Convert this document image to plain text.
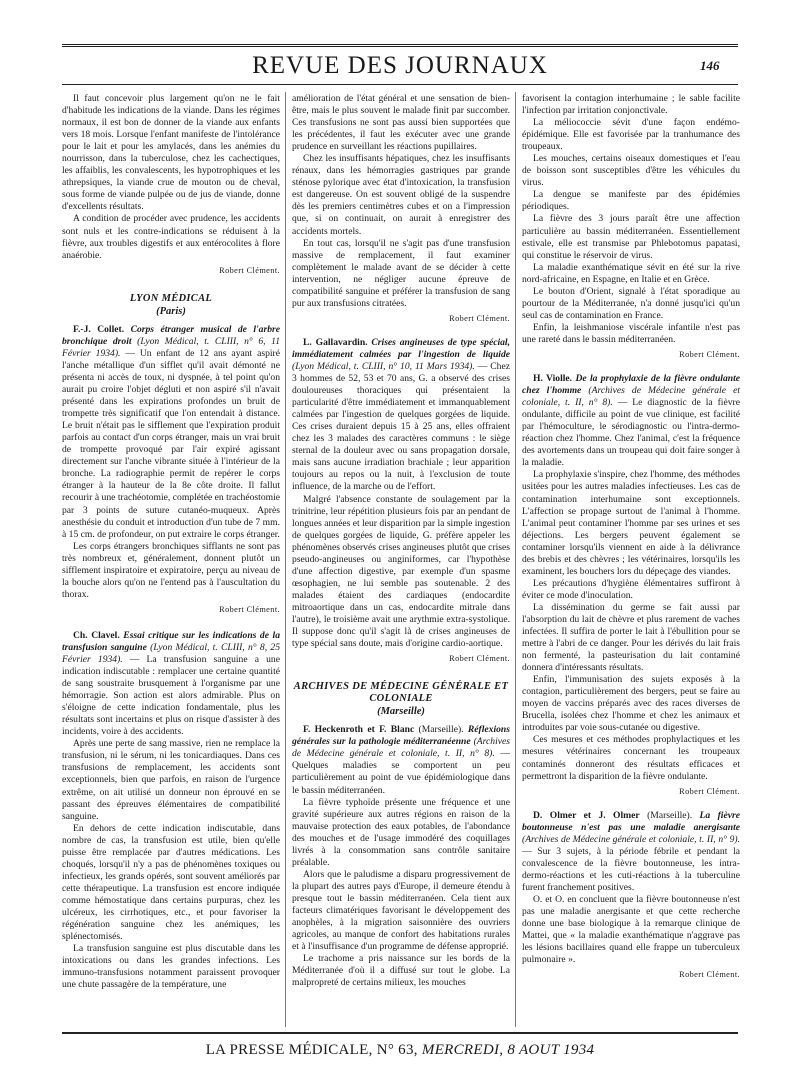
REVUE DES JOURNAUX	146

Il faut concevoir plus largement qu'on ne le fait d'habitude les indications de la viande. Dans les régimes normaux, il est bon de donner de la viande aux enfants vers 18 mois. Lorsque l'enfant manifeste de l'intolérance pour le lait et pour les amylacés, dans les anémies du nourrisson, dans la tuberculose, chez les cachectiques, les affaiblis, les convalescents, les hypotrophiques et les athrepsiques, la viande crue de mouton ou de cheval, sous forme de viande pulpée ou de jus de viande, donne d'excellents résultats.

A condition de procéder avec prudence, les accidents sont nuls et les contre-indications se réduisent à la fièvre, aux troubles digestifs et aux entérocolites à flore anaérobie.

Robert Clément.
LYON MÉDICAL
(Paris)

F.-J. Collet. Corps étranger musical de l'arbre bronchique droit (Lyon Médical, t. CLIII, n° 6, 11 Février 1934). — Un enfant de 12 ans ayant aspiré l'anche métallique d'un sifflet qu'il avait démonté ne présenta ni accès de toux, ni dyspnée, à tel point qu'on aurait pu croire l'objet dégluti et non aspiré s'il n'avait présenté dans les expirations profondes un bruit de trompette très significatif que l'on entendait à distance. Le bruit n'était pas le sifflement que l'expiration produit parfois au contact d'un corps étranger, mais un vrai bruit de trompette provoqué par l'air expiré agissant directement sur l'anche vibrante située à l'intérieur de la bronche. La radiographie permit de repérer le corps étranger à la hauteur de la 8e côte droite. Il fallut recourir à une trachéotomie, complétée en trachéostomie par 3 points de suture cutanéo-muqueux. Après anesthésie du conduit et introduction d'un tube de 7 mm. à 15 cm. de profondeur, on put extraire le corps étranger.

Les corps étrangers bronchiques sifflants ne sont pas très nombreux et, généralement, donnent plutôt un sifflement inspiratoire et expiratoire, perçu au niveau de la bouche alors qu'on ne l'entend pas à l'auscultation du thorax.

Robert Clément.

Ch. Clavel. Essai critique sur les indications de la transfusion sanguine (Lyon Médical, t. CLIII, n° 8, 25 Février 1934). — La transfusion sanguine a une indication indiscutable : remplacer une certaine quantité de sang soustraite brusquement à l'organisme par une hémorragie. Son action est alors admirable. Plus on s'éloigne de cette indication fondamentale, plus les résultats sont incertains et plus on risque d'assister à des incidents, voire à des accidents.

Après une perte de sang massive, rien ne remplace la transfusion, ni le sérum, ni les tonicardiaques. Dans ces transfusions de remplacement, les accidents sont exceptionnels, bien que parfois, en raison de l'urgence extrême, on ait utilisé un donneur non éprouvé en se passant des épreuves élémentaires de compatibilité sanguine.

En dehors de cette indication indiscutable, dans nombre de cas, la transfusion est utile, bien qu'elle puisse être remplacée par d'autres médications. Les choqués, lorsqu'il n'y a pas de phénomènes toxiques ou infectieux, les grands opérés, sont souvent améliorés par cette thérapeutique. La transfusion est encore indiquée comme hémostatique dans certains purpuras, chez les ulcéreux, les cirrhotiques, etc., et pour favoriser la régénération sanguine chez les anémiques, les splénectomisés.

La transfusion sanguine est plus discutable dans les intoxications ou dans les grandes infections. Les immuno-transfusions notamment paraissent provoquer une chute passagère de la température, une

amélioration de l'état général et une sensation de bien-être, mais le plus souvent le malade finit par succomber. Ces transfusions ne sont pas aussi bien supportées que les précédentes, il faut les exécuter avec une grande prudence en surveillant les réactions pupillaires.

Chez les insuffisants hépatiques, chez les insuffisants rénaux, dans les hémorragies gastriques par grande sténose pylorique avec état d'intoxication, la transfusion est dangereuse. On est souvent obligé de la suspendre dès les premiers centimètres cubes et on a l'impression que, si on continuait, on aurait à enregistrer des accidents mortels.

En tout cas, lorsqu'il ne s'agit pas d'une transfusion massive de remplacement, il faut examiner complètement le malade avant de se décider à cette intervention, ne négliger aucune épreuve de compatibilité sanguine et préférer la transfusion de sang pur aux transfusions citratées.

Robert Clément.

L. Gallavardin. Crises angineuses de type spécial, immédiatement calmées par l'ingestion de liquide (Lyon Médical, t. CLIII, n° 10, 11 Mars 1934). — Chez 3 hommes de 52, 53 et 70 ans, G. a observé des crises douloureuses thoraciques qui présentaient la particularité d'être immédiatement et immanquablement calmées par l'ingestion de quelques gorgées de liquide. Ces crises duraient depuis 15 à 25 ans, elles offraient chez les 3 malades des caractères communs : le siège sternal de la douleur avec ou sans propagation dorsale, mais sans aucune irradiation brachiale ; leur apparition toujours au repos ou la nuit, à l'exclusion de toute influence, de la marche ou de l'effort.

Malgré l'absence constante de soulagement par la trinitrine, leur répétition plusieurs fois par an pendant de longues années et leur disparition par la simple ingestion de quelques gorgées de liquide, G. préfère appeler les phénomènes observés crises angineuses plutôt que crises pseudo-angineuses ou anginiformes, car l'hypothèse d'une affection digestive, par exemple d'un spasme œsophagien, ne lui semble pas soutenable. 2 des malades étaient des cardiaques (endocardite mitroaortique dans un cas, endocardite mitrale dans l'autre), le troisième avait une arythmie extra-systolique. Il suppose donc qu'il s'agit là de crises angineuses de type spécial sans doute, mais d'origine cardio-aortique.

Robert Clément.
ARCHIVES DE MÉDECINE GÉNÉRALE ET COLONIALE
(Marseille)

F. Heckenroth et F. Blanc (Marseille). Réflexions générales sur la pathologie méditerranéenne (Archives de Médecine générale et coloniale, t. II, n° 8). — Quelques maladies se comportent un peu particulièrement au point de vue épidémiologique dans le bassin méditerranéen.

La fièvre typhoïde présente une fréquence et une gravité supérieure aux autres régions en raison de la mauvaise protection des eaux potables, de l'abondance des mouches et de l'usage immodéré des coquillages livrés à la consommation sans contrôle sanitaire préalable.

Alors que le paludisme a disparu progressivement de la plupart des autres pays d'Europe, il demeure étendu à presque tout le bassin méditerranéen. Cela tient aux facteurs climatériques favorisant le développement des anophèles, à la migration saisonnière des ouvriers agricoles, au manque de confort des habitations rurales et à l'insuffisance d'un programme de défense approprié.

Le trachome a pris naissance sur les bords de la Méditerranée d'où il a diffusé sur tout le globe. La malpropreté de certains milieux, les mouches

favorisent la contagion interhumaine ; le sable facilite l'infection par irritation conjonctivale.

La méliococcie sévit d'une façon endémo-épidémique. Elle est favorisée par la tranhumance des troupeaux.

Les mouches, certains oiseaux domestiques et l'eau de boisson sont susceptibles d'être les véhicules du virus.

La dengue se manifeste par des épidémies périodiques.

La fièvre des 3 jours paraît être une affection particulière au bassin méditerranéen. Essentiellement estivale, elle est transmise par Phlebotomus papatasi, qui constitue le réservoir de virus.

La maladie exanthématique sévit en été sur la rive nord-africaine, en Espagne, en Italie et en Grèce.

Le bouton d'Orient, signalé à l'état sporadique au pourtour de la Méditerranée, n'a donné jusqu'ici qu'un seul cas de contamination en France.

Enfin, la leishmaniose viscérale infantile n'est pas une rareté dans le bassin méditerranéen.

Robert Clément.

H. Violle. De la prophylaxie de la fièvre ondulante chez l'homme (Archives de Médecine générale et coloniale, t. II, n° 8). — Le diagnostic de la fièvre ondulante, difficile au point de vue clinique, est facilité par l'hémoculture, le sérodiagnostic ou l'intra-dermo-réaction chez l'homme. Chez l'animal, c'est la fréquence des avortements dans un troupeau qui doit faire songer à la maladie.

La prophylaxie s'inspire, chez l'homme, des méthodes usitées pour les autres maladies infectieuses. Les cas de contamination interhumaine sont exceptionnels. L'affection se propage surtout de l'animal à l'homme. L'animal peut contaminer l'homme par ses urines et ses déjections. Les bergers peuvent également se contaminer lorsqu'ils viennent en aide à la délivrance des brebis et des chèvres ; les vétérinaires, lorsqu'ils les examinent, les bouchers lors du dépeçage des viandes.

Les précautions d'hygiène élémentaires suffiront à éviter ce mode d'inoculation.

La dissémination du germe se fait aussi par l'absorption du lait de chèvre et plus rarement de vaches infectées. Il suffira de porter le lait à l'ébullition pour se mettre à l'abri de ce danger. Pour les dérivés du lait frais non fermenté, la pasteurisation du lait contaminé donnera d'intéressants résultats.

Enfin, l'immunisation des sujets exposés à la contagion, particulièrement des bergers, peut se faire au moyen de vaccins préparés avec des races diverses de Brucella, isolées chez l'homme et chez les animaux et introduites par voie sous-cutanée ou digestive.

Ces mesures et ces méthodes prophylactiques et les mesures vétérinaires concernant les troupeaux contaminés donneront des résultats efficaces et permettront la disparition de la fièvre ondulante.

Robert Clément.

D. Olmer et J. Olmer (Marseille). La fièvre boutonneuse n'est pas une maladie anergisante (Archives de Médecine générale et coloniale, t. II, n° 9). — Sur 3 sujets, à la période fébrile et pendant la convalescence de la fièvre boutonneuse, les intra-dermo-réactions et les cuti-réactions à la tuberculine furent franchement positives.

O. et O. en concluent que la fièvre boutonneuse n'est pas une maladie anergisante et que cette recherche donne une base biologique à la remarque clinique de Mattei, que « la maladie exanthématique n'aggrave pas les lésions bacillaires quand elle frappe un tuberculeux pulmonaire ».

Robert Clément.
LA PRESSE MÉDICALE, N° 63, MERCREDI, 8 AOUT 1934
